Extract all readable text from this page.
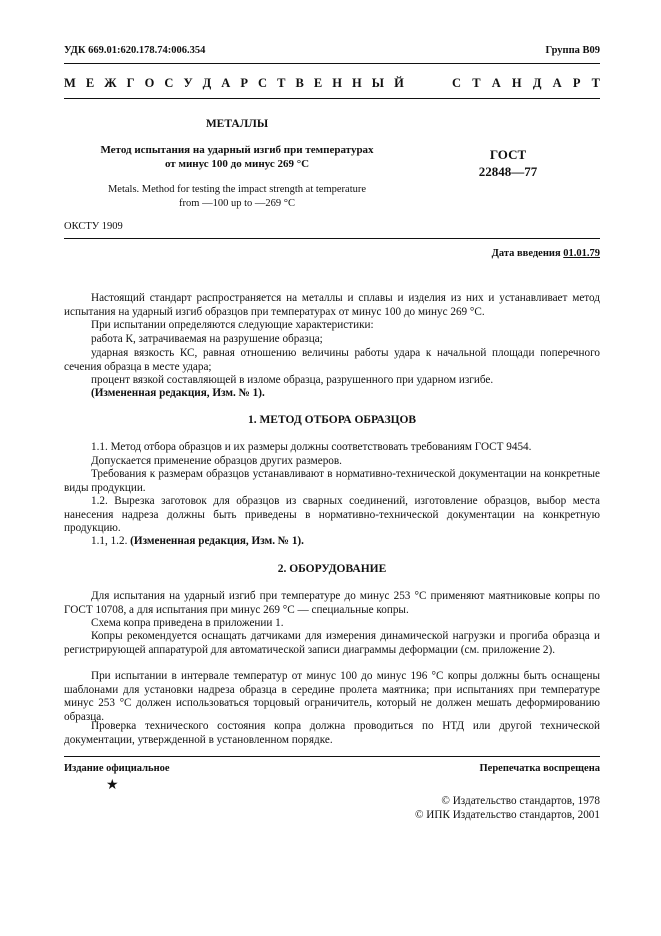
УДК 669.01:620.178.74:006.354	Группа В09
М Е Ж Г О С У Д А Р С Т В Е Н Н Ы Й	С Т А Н Д А Р Т
МЕТАЛЛЫ
Метод испытания на ударный изгиб при температурах
от минус 100 до минус 269 °С
Metals. Method for testing the impact strength at temperature
from —100 up to —269 °С
ГОСТ
22848—77
ОКСТУ 1909
Дата введения 01.01.79
Настоящий стандарт распространяется на металлы и сплавы и изделия из них и устанавливает метод испытания на ударный изгиб образцов при температурах от минус 100 до минус 269 °С.
При испытании определяются следующие характеристики:
работа К, затрачиваемая на разрушение образца;
ударная вязкость КС, равная отношению величины работы удара к начальной площади поперечного сечения образца в месте удара;
процент вязкой составляющей в изломе образца, разрушенного при ударном изгибе.
(Измененная редакция, Изм. № 1).
1. МЕТОД ОТБОРА ОБРАЗЦОВ
1.1. Метод отбора образцов и их размеры должны соответствовать требованиям ГОСТ 9454.
Допускается применение образцов других размеров.
Требования к размерам образцов устанавливают в нормативно-технической документации на конкретные виды продукции.
1.2. Вырезка заготовок для образцов из сварных соединений, изготовление образцов, выбор места нанесения надреза должны быть приведены в нормативно-технической документации на конкретную продукцию.
1.1, 1.2. (Измененная редакция, Изм. № 1).
2. ОБОРУДОВАНИЕ
Для испытания на ударный изгиб при температуре до минус 253 °С применяют маятниковые копры по ГОСТ 10708, а для испытания при минус 269 °С — специальные копры.
Схема копра приведена в приложении 1.
Копры рекомендуется оснащать датчиками для измерения динамической нагрузки и прогиба образца и регистрирующей аппаратурой для автоматической записи диаграммы деформации (см. приложение 2).
При испытании в интервале температур от минус 100 до минус 196 °С копры должны быть оснащены шаблонами для установки надреза образца в середине пролета маятника; при испытаниях при температуре минус 253 °С должен использоваться торцовый ограничитель, который не должен мешать деформированию образца.
Проверка технического состояния копра должна проводиться по НТД или другой технической документации, утвержденной в установленном порядке.
Издание официальное	Перепечатка воспрещена
★
© Издательство стандартов, 1978
© ИПК Издательство стандартов, 2001
